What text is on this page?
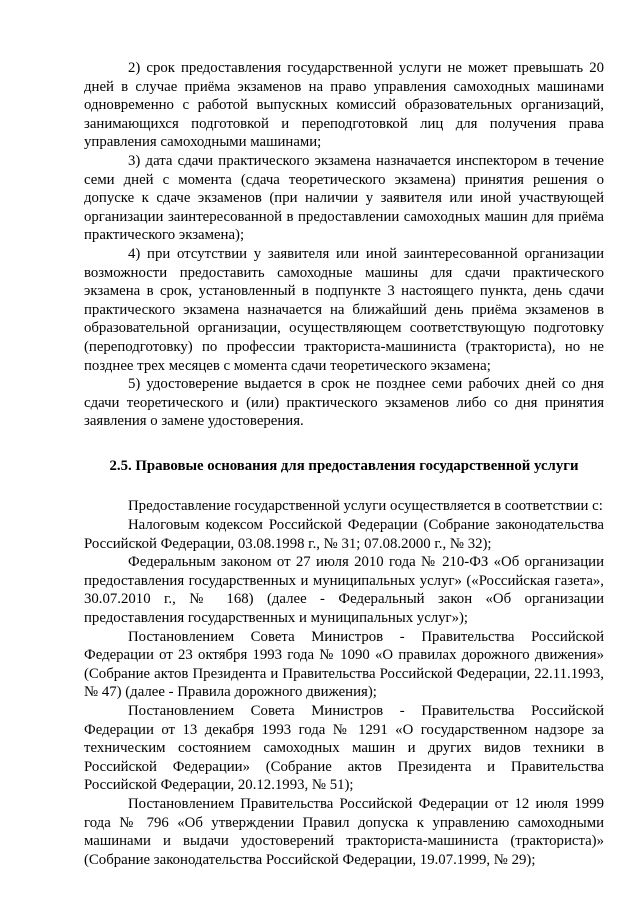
2) срок предоставления государственной услуги не может превышать 20 дней в случае приёма экзаменов на право управления самоходных машинами одновременно с работой выпускных комиссий образовательных организаций, занимающихся подготовкой и переподготовкой лиц для получения права управления самоходными машинами;

3) дата сдачи практического экзамена назначается инспектором в течение семи дней с момента (сдача теоретического экзамена) принятия решения о допуске к сдаче экзаменов (при наличии у заявителя или иной участвующей организации заинтересованной в предоставлении самоходных машин для приёма практического экзамена);

4) при отсутствии у заявителя или иной заинтересованной организации возможности предоставить самоходные машины для сдачи практического экзамена в срок, установленный в подпункте 3 настоящего пункта, день сдачи практического экзамена назначается на ближайший день приёма экзаменов в образовательной организации, осуществляющем соответствующую подготовку (переподготовку) по профессии тракториста-машиниста (тракториста), но не позднее трех месяцев с момента сдачи теоретического экзамена;

5) удостоверение выдается в срок не позднее семи рабочих дней со дня сдачи теоретического и (или) практического экзаменов либо со дня принятия заявления о замене удостоверения.

2.5. Правовые основания для предоставления государственной услуги

Предоставление государственной услуги осуществляется в соответствии с:

Налоговым кодексом Российской Федерации (Собрание законодательства Российской Федерации, 03.08.1998 г., № 31; 07.08.2000 г., № 32);

Федеральным законом от 27 июля 2010 года № 210-ФЗ «Об организации предоставления государственных и муниципальных услуг» («Российская газета», 30.07.2010 г., № 168) (далее - Федеральный закон «Об организации предоставления государственных и муниципальных услуг»);

Постановлением Совета Министров - Правительства Российской Федерации от 23 октября 1993 года № 1090 «О правилах дорожного движения» (Собрание актов Президента и Правительства Российской Федерации, 22.11.1993, № 47) (далее - Правила дорожного движения);

Постановлением Совета Министров - Правительства Российской Федерации от 13 декабря 1993 года № 1291 «О государственном надзоре за техническим состоянием самоходных машин и других видов техники в Российской Федерации» (Собрание актов Президента и Правительства Российской Федерации, 20.12.1993, № 51);

Постановлением Правительства Российской Федерации от 12 июля 1999 года № 796 «Об утверждении Правил допуска к управлению самоходными машинами и выдачи удостоверений тракториста-машиниста (тракториста)» (Собрание законодательства Российской Федерации, 19.07.1999, № 29);
